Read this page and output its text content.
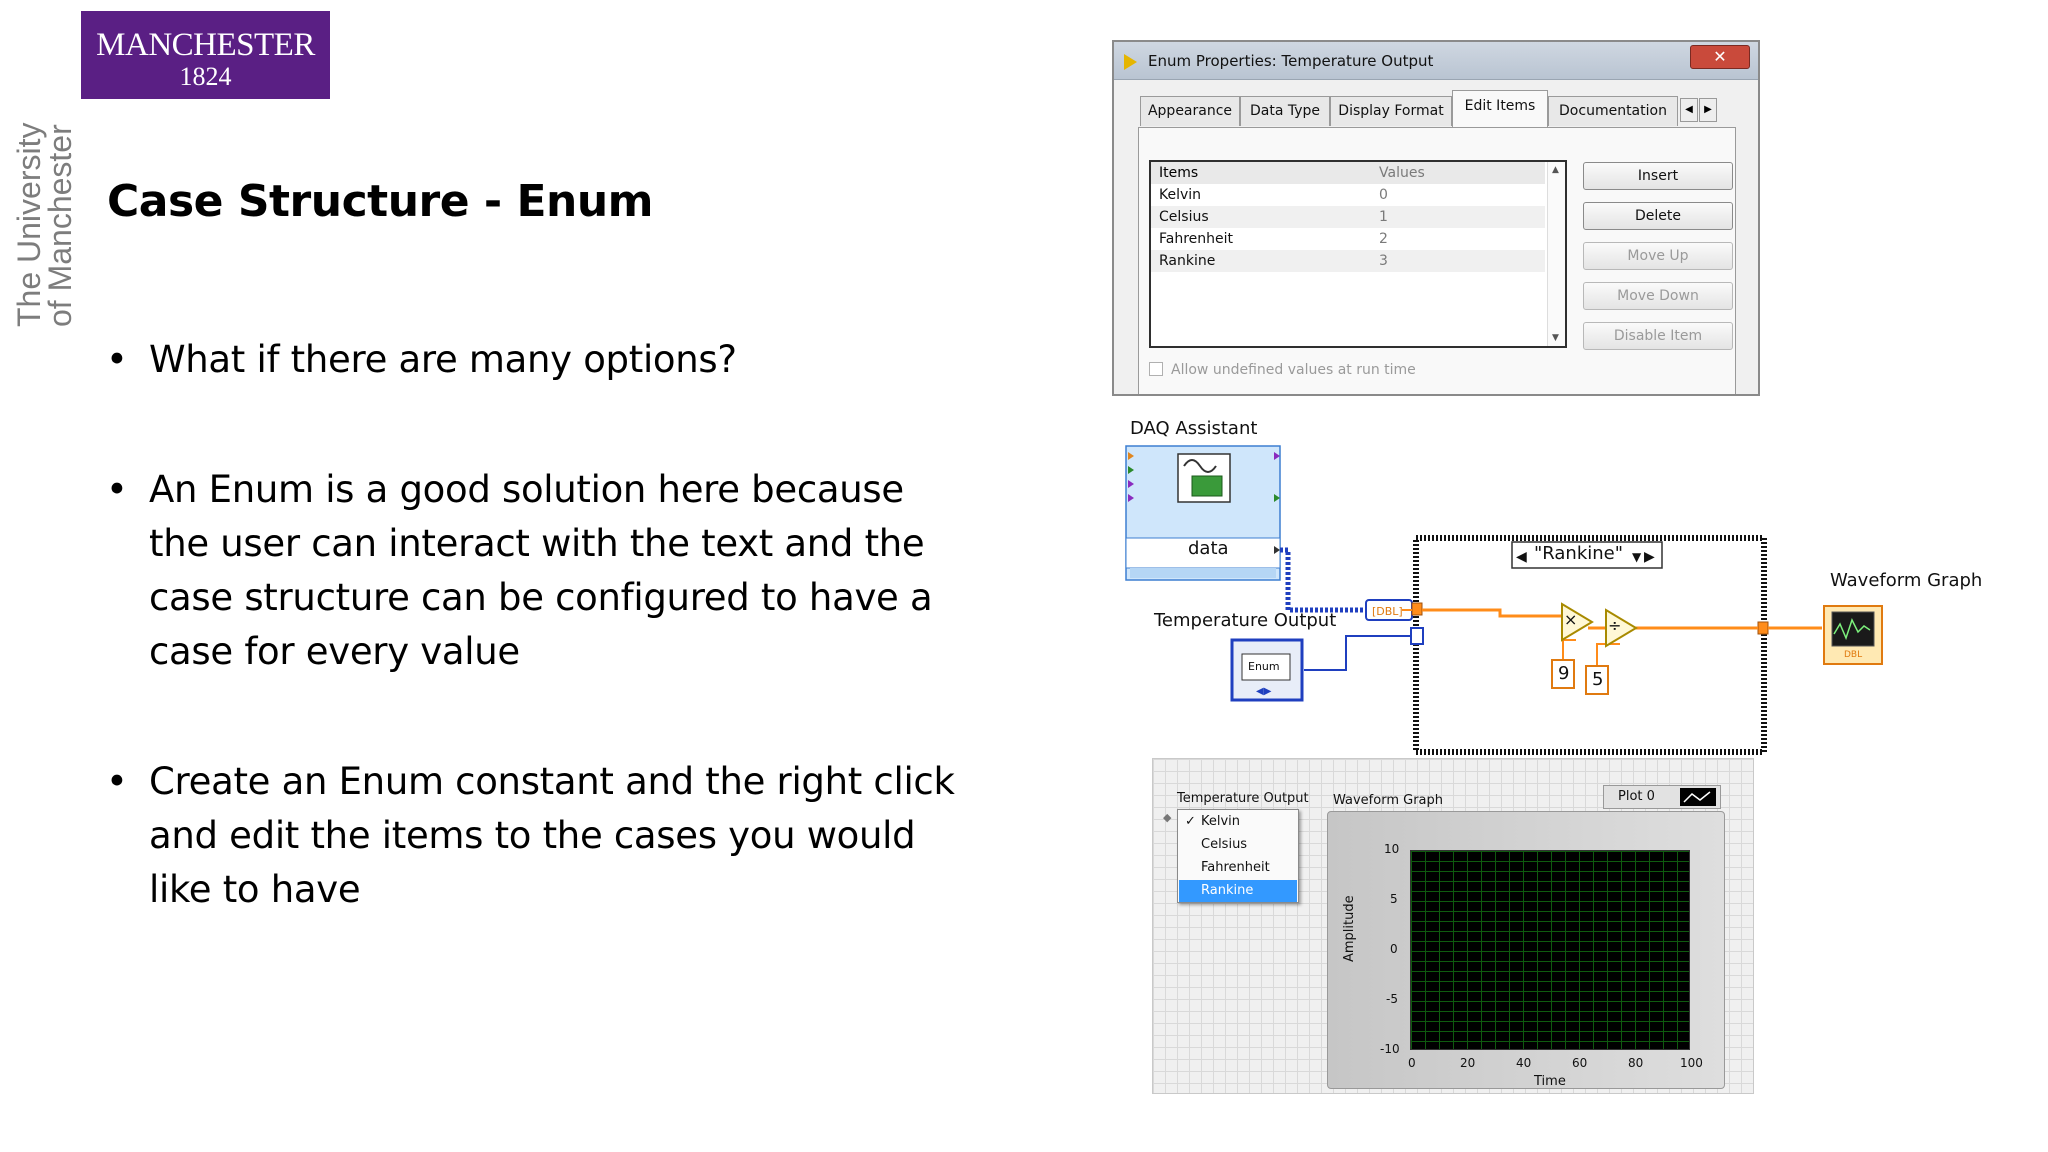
MANCHESTER
1824
The University
of Manchester Case Structure - Enum
• What if there are many options?
• An Enum is a good solution here because the user can interact with the text and the case structure can be configured to have a case for every value
• Create an Enum constant and the right click and edit the items to the cases you would like to have
Enum Properties: Temperature Output	✕
Appearance	Data Type	Display Format	Edit Items	Documentation	◀ ▶
Items	Values
Kelvin	0
Celsius	1
Fahrenheit	2
Rankine	3
▲
▼
Insert
Delete
Move Up
Move Down
Disable Item
Allow undefined values at run time
[DBL]
◀	▶
▼
◀▶
DAQ Assistant
data
Temperature Output
Enum
"Rankine"
9 5
× ÷
Waveform Graph
DBL
Temperature Output
◆ ✓ Kelvin
Celsius
Fahrenheit
Rankine
Waveform Graph	Plot 0
10
5
0
-5
-10
0	20	40	60	80	100
Time
Amplitude
